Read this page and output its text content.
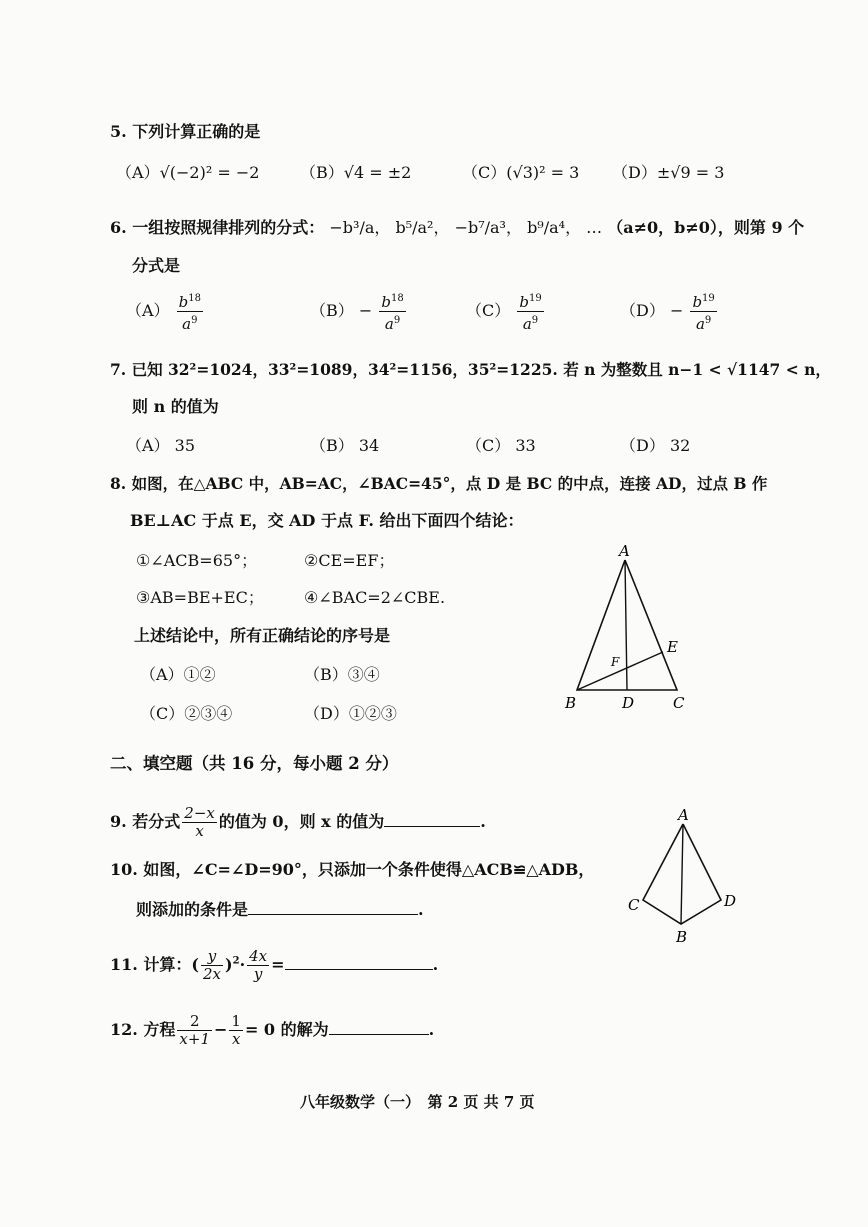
5. 下列计算正确的是
（A）√(−2)² = −2	（B）√4 = ±2	（C）(√3)² = 3 （D）±√9 = 3
6. 一组按照规律排列的分式： −b³/a， b⁵/a²， −b⁷/a³， b⁹/a⁴， … （a≠0，b≠0），则第 9 个
分式是
$(A) \frac{b^{18}}{a^9}$	$(B) - \frac{b^{18}}{a^9}$	$(C) \frac{b^{19}}{a^9}$	$(D) - \frac{b^{19}}{a^9}$
7. 已知 32²=1024，33²=1089，34²=1156，35²=1225. 若 n 为整数且 n−1 < √1147 < n，
则 n 的值为
（A） 35	（B） 34	（C） 33	（D） 32
8. 如图，在△ABC 中，AB=AC，∠BAC=45°，点 D 是 BC 的中点，连接 AD，过点 B 作
BE⊥AC 于点 E，交 AD 于点 F. 给出下面四个结论：
①∠ACB=65°；	②CE=EF；
③AB=BE+EC；	④∠BAC=2∠CBE.
上述结论中，所有正确结论的序号是
（A）①②	（B）③④
（C）②③④	（D）①②③
A
B	C
D
E
F
二、填空题（共 16 分，每小题 2 分）
9. 若分式 $\frac{2-x}{x}$ 的值为 0，则 x 的值为	.
10. 如图，∠C=∠D=90°，只添加一个条件使得△ACB≌△ADB，
则添加的条件是	.
A
C
B
D
11. 计算：( $\frac{y}{2x} )^2\cdot \frac{4x}{y}$ =	.
12. 方程 $\frac{2}{x+1} - \frac{1}{x} = 0$ 的解为	.
八年级数学（一）　第 2 页 共 7 页
